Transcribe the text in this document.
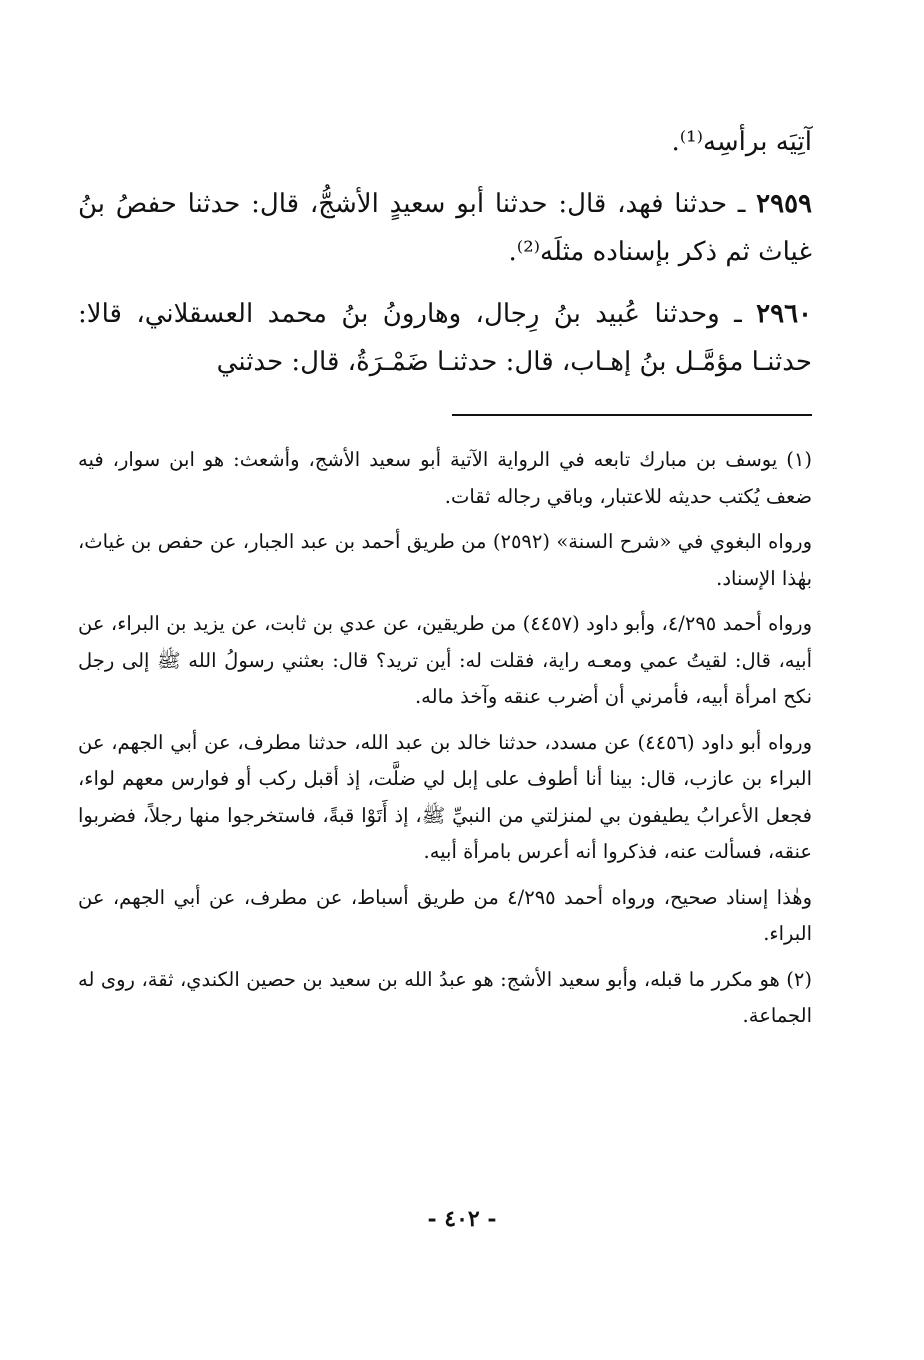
آتِيَه برأسِه⁽¹⁾.

٢٩٥٩ ـ حدثنا فهد، قال: حدثنا أبو سعيدٍ الأشجُّ، قال: حدثنا حفصُ بنُ غياث ثم ذكر بإسناده مثلَه⁽²⁾.

٢٩٦٠ ـ وحدثنا عُبيد بنُ رِجال، وهارونُ بنُ محمد العسقلاني، قالا: حدثنـا مؤمَّـل بنُ إهـاب، قال: حدثنـا ضَمْـرَةُ، قال: حدثني

(١) يوسف بن مبارك تابعه في الرواية الآتية أبو سعيد الأشج، وأشعث: هو ابن سوار، فيه ضعف يُكتب حديثه للاعتبار، وباقي رجاله ثقات.

ورواه البغوي في «شرح السنة» (٢٥٩٢) من طريق أحمد بن عبد الجبار، عن حفص بن غياث، بهٰذا الإسناد.

ورواه أحمد ٤/٢٩٥، وأبو داود (٤٤٥٧) من طريقين، عن عدي بن ثابت، عن يزيد بن البراء، عن أبيه، قال: لقيتُ عمي ومعـه راية، فقلت له: أين تريد؟ قال: بعثني رسولُ الله ﷺ إلى رجل نكح امرأة أبيه، فأمرني أن أضرب عنقه وآخذ ماله.

ورواه أبو داود (٤٤٥٦) عن مسدد، حدثنا خالد بن عبد الله، حدثنا مطرف، عن أبي الجهم، عن البراء بن عازب، قال: بينا أنا أطوف على إبل لي ضلَّت، إذ أقبل ركب أو فوارس معهم لواء، فجعل الأعرابُ يطيفون بي لمنزلتي من النبيِّ ﷺ، إذ أَتَوْا قبةً، فاستخرجوا منها رجلاً، فضربوا عنقه، فسألت عنه، فذكروا أنه أعرس بامرأة أبيه.

وهٰذا إسناد صحيح، ورواه أحمد ٤/٢٩٥ من طريق أسباط، عن مطرف، عن أبي الجهم، عن البراء.

(٢) هو مكرر ما قبله، وأبو سعيد الأشج: هو عبدُ الله بن سعيد بن حصين الكندي، ثقة، روى له الجماعة.

- ٤٠٢ -
